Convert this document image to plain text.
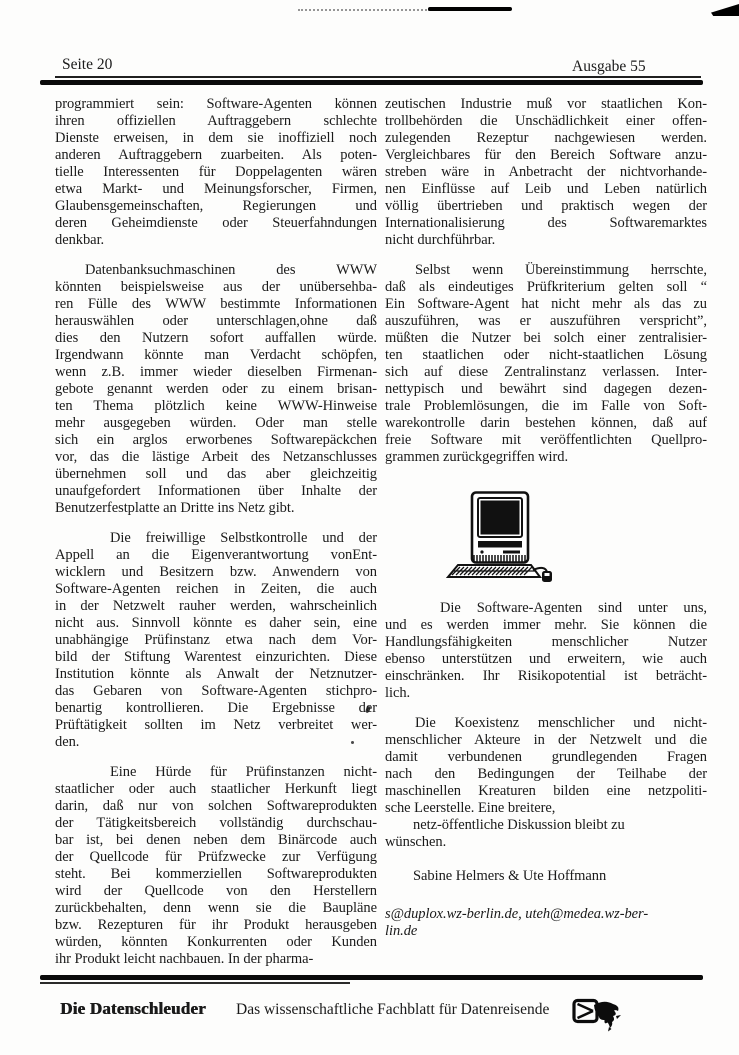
Seite 20	Ausgabe 55
programmiert sein: Software-Agenten können
ihren offiziellen Auftraggebern schlechte
Dienste erweisen, in dem sie inoffiziell noch
anderen Auftraggebern zuarbeiten. Als poten-
tielle Interessenten für Doppelagenten wären
etwa Markt- und Meinungsforscher, Firmen,
Glaubensgemeinschaften, Regierungen und
deren Geheimdienste oder Steuerfahndungen
denkbar.
Datenbanksuchmaschinen des WWW
könnten beispielsweise aus der unübersehba-
ren Fülle des WWW bestimmte Informationen
herauswählen oder unterschlagen,ohne daß
dies den Nutzern sofort auffallen würde.
Irgendwann könnte man Verdacht schöpfen,
wenn z.B. immer wieder dieselben Firmenan-
gebote genannt werden oder zu einem brisan-
ten Thema plötzlich keine WWW-Hinweise
mehr ausgegeben würden. Oder man stelle
sich ein arglos erworbenes Softwarepäckchen
vor, das die lästige Arbeit des Netzanschlusses
übernehmen soll und das aber gleichzeitig
unaufgefordert Informationen über Inhalte der
Benutzerfestplatte an Dritte ins Netz gibt.
Die freiwillige Selbstkontrolle und der
Appell an die Eigenverantwortung vonEnt-
wicklern und Besitzern bzw. Anwendern von
Software-Agenten reichen in Zeiten, die auch
in der Netzwelt rauher werden, wahrscheinlich
nicht aus. Sinnvoll könnte es daher sein, eine
unabhängige Prüfinstanz etwa nach dem Vor-
bild der Stiftung Warentest einzurichten. Diese
Institution könnte als Anwalt der Netznutzer-
das Gebaren von Software-Agenten stichpro-
benartig kontrollieren. Die Ergebnisse der
Prüftätigkeit sollten im Netz verbreitet wer-
den.
Eine Hürde für Prüfinstanzen nicht-
staatlicher oder auch staatlicher Herkunft liegt
darin, daß nur von solchen Softwareprodukten
der Tätigkeitsbereich vollständig durchschau-
bar ist, bei denen neben dem Binärcode auch
der Quellcode für Prüfzwecke zur Verfügung
steht. Bei kommerziellen Softwareprodukten
wird der Quellcode von den Herstellern
zurückbehalten, denn wenn sie die Baupläne
bzw. Rezepturen für ihr Produkt herausgeben
würden, könnten Konkurrenten oder Kunden
ihr Produkt leicht nachbauen. In der pharma-
zeutischen Industrie muß vor staatlichen Kon-
trollbehörden die Unschädlichkeit einer offen-
zulegenden Rezeptur nachgewiesen werden.
Vergleichbares für den Bereich Software anzu-
streben wäre in Anbetracht der nichtvorhande-
nen Einflüsse auf Leib und Leben natürlich
völlig übertrieben und praktisch wegen der
Internationalisierung des Softwaremarktes
nicht durchführbar.
Selbst wenn Übereinstimmung herrschte,
daß als eindeutiges Prüfkriterium gelten soll “
Ein Software-Agent hat nicht mehr als das zu
auszuführen, was er auszuführen verspricht”,
müßten die Nutzer bei solch einer zentralisier-
ten staatlichen oder nicht-staatlichen Lösung
sich auf diese Zentralinstanz verlassen. Inter-
nettypisch und bewährt sind dagegen dezen-
trale Problemlösungen, die im Falle von Soft-
warekontrolle darin bestehen können, daß auf
freie Software mit veröffentlichten Quellpro-
grammen zurückgegriffen wird.
Die Software-Agenten sind unter uns,
und es werden immer mehr. Sie können die
Handlungsfähigkeiten menschlicher Nutzer
ebenso unterstützen und erweitern, wie auch
einschränken. Ihr Risikopotential ist beträcht-
lich.
Die Koexistenz menschlicher und nicht-
menschlicher Akteure in der Netzwelt und die
damit verbundenen grundlegenden Fragen
nach den Bedingungen der Teilhabe der
maschinellen Kreaturen bilden eine netzpoliti-
sche Leerstelle. Eine breitere,
netz-öffentliche Diskussion bleibt zu
wünschen.
Sabine Helmers & Ute Hoffmann
s@duplox.wz-berlin.de, uteh@medea.wz-ber-
lin.de
Die Datenschleuder Das wissenschaftliche Fachblatt für Datenreisende
